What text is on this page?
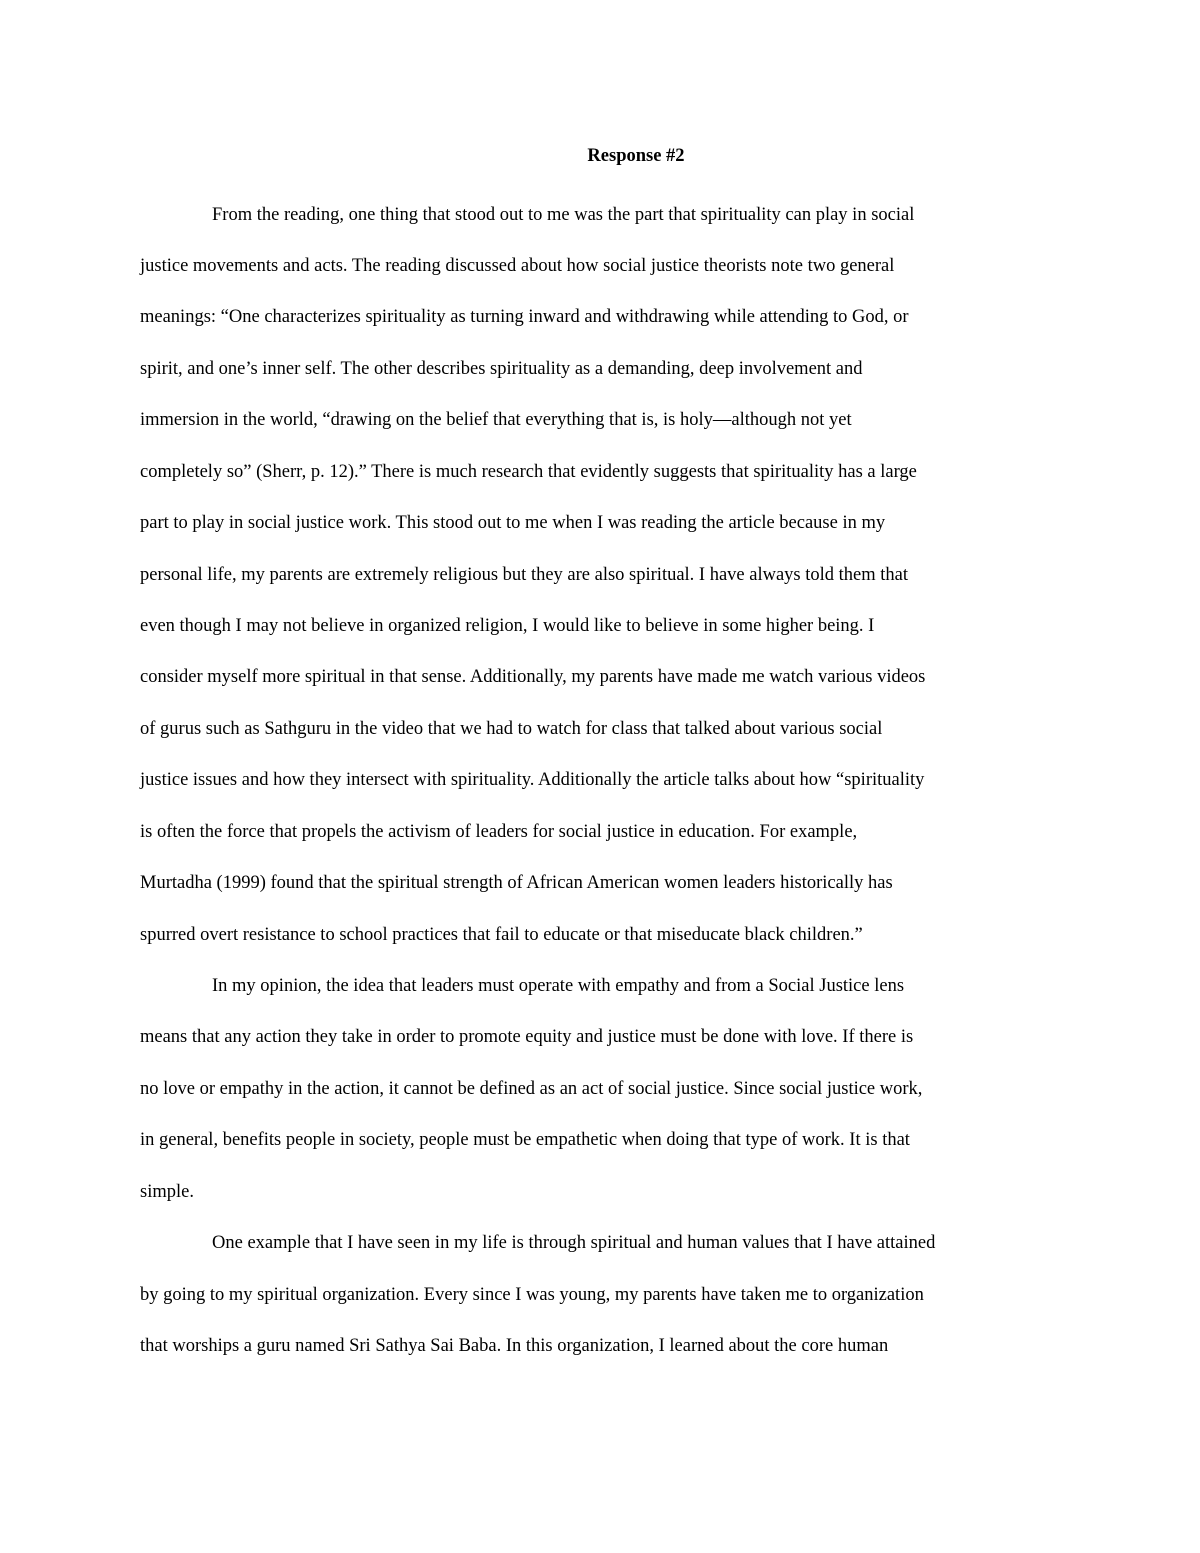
Response #2

From the reading, one thing that stood out to me was the part that spirituality can play in social

justice movements and acts. The reading discussed about how social justice theorists note two general

meanings: “One characterizes spirituality as turning inward and withdrawing while attending to God, or

spirit, and one’s inner self. The other describes spirituality as a demanding, deep involvement and

immersion in the world, “drawing on the belief that everything that is, is holy—although not yet

completely so” (Sherr, p. 12).” There is much research that evidently suggests that spirituality has a large

part to play in social justice work. This stood out to me when I was reading the article because in my

personal life, my parents are extremely religious but they are also spiritual. I have always told them that

even though I may not believe in organized religion, I would like to believe in some higher being. I

consider myself more spiritual in that sense. Additionally, my parents have made me watch various videos

of gurus such as Sathguru in the video that we had to watch for class that talked about various social

justice issues and how they intersect with spirituality. Additionally the article talks about how “spirituality

is often the force that propels the activism of leaders for social justice in education. For example,

Murtadha (1999) found that the spiritual strength of African American women leaders historically has

spurred overt resistance to school practices that fail to educate or that miseducate black children.”

In my opinion, the idea that leaders must operate with empathy and from a Social Justice lens

means that any action they take in order to promote equity and justice must be done with love. If there is

no love or empathy in the action, it cannot be defined as an act of social justice. Since social justice work,

in general, benefits people in society, people must be empathetic when doing that type of work. It is that

simple.

One example that I have seen in my life is through spiritual and human values that I have attained

by going to my spiritual organization. Every since I was young, my parents have taken me to organization

that worships a guru named Sri Sathya Sai Baba. In this organization, I learned about the core human
